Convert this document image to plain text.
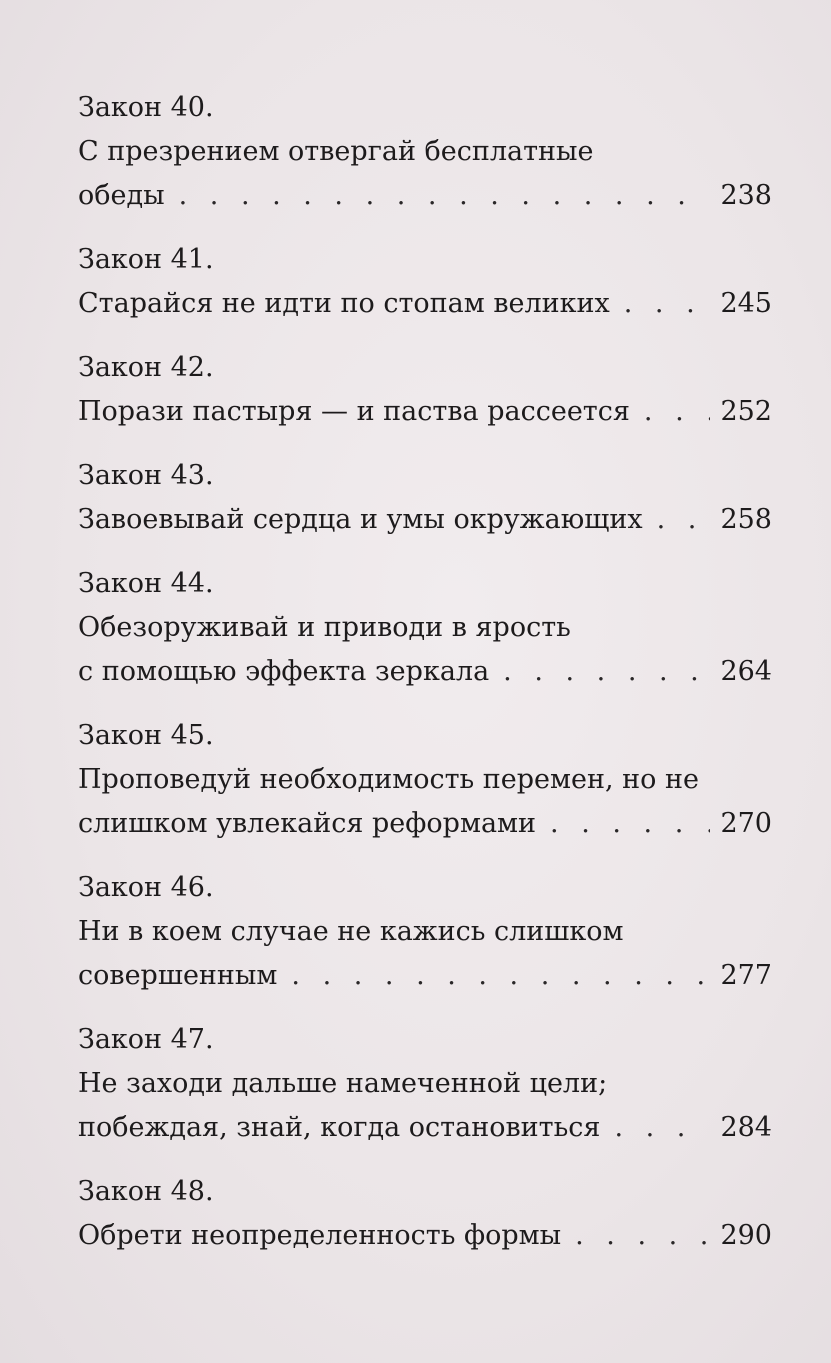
Закон 40.
С презрением отвергай бесплатные
обеды . . .	238
Закон 41.
Старайся не идти по стопам великих . . .	245
Закон 42.
Порази пастыря — и паства рассеется . . .	252
Закон 43.
Завоевывай сердца и умы окружающих . . .	258
Закон 44.
Обезоруживай и приводи в ярость
с помощью эффекта зеркала . . .	264
Закон 45.
Проповедуй необходимость перемен, но не
слишком увлекайся реформами . . .	270
Закон 46.
Ни в коем случае не кажись слишком
совершенным . . .	277
Закон 47.
Не заходи дальше намеченной цели;
побеждая, знай, когда остановиться . . .	284
Закон 48.
Обрети неопределенность формы . . .	290
